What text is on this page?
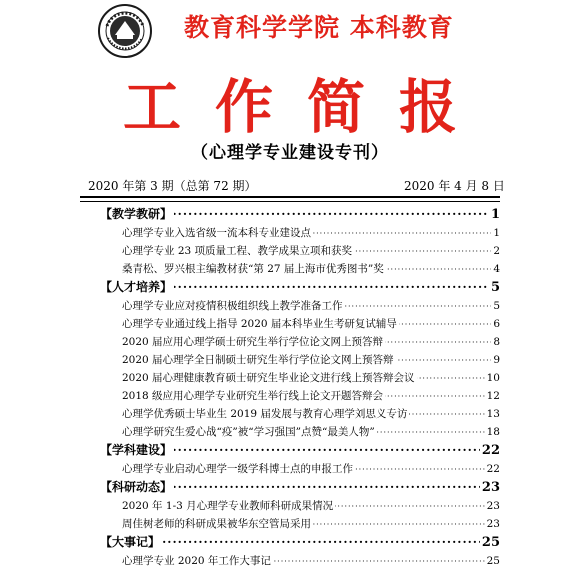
教育科学学院 本科教育
工作简报
（心理学专业建设专刊）
2020 年第 3 期（总第 72 期）	2020 年 4 月 8 日
·····
【教学教研】	1
·····
心理学专业入选省级一流本科专业建设点	1
·····
心理学专业 23 项质量工程、教学成果立项和获奖	2
·····
桑青松、罗兴根主编教材获“第 27 届上海市优秀图书”奖	4
·····
【人才培养】	5
·····
心理学专业应对疫情积极组织线上教学准备工作	5
·····
心理学专业通过线上指导 2020 届本科毕业生考研复试辅导	6
·····
2020 届应用心理学硕士研究生举行学位论文网上预答辩	8
·····
2020 届心理学全日制硕士研究生举行学位论文网上预答辩	9
·····
2020 届心理健康教育硕士研究生毕业论文进行线上预答辩会议	10
·····
2018 级应用心理学专业研究生举行线上论文开题答辩会	12
·····
心理学优秀硕士毕业生 2019 届发展与教育心理学刘思义专访	13
·····
心理学研究生爱心战“疫”被“学习强国”点赞“最美人物”	18
·····
【学科建设】	22
·····
心理学专业启动心理学一级学科博士点的申报工作	22
·····
【科研动态】	23
·····
2020 年 1-3 月心理学专业教师科研成果情况	23
·····
周佳树老师的科研成果被华东空管局采用	23
·····
【大事记】	25
·····
心理学专业 2020 年工作大事记	25
